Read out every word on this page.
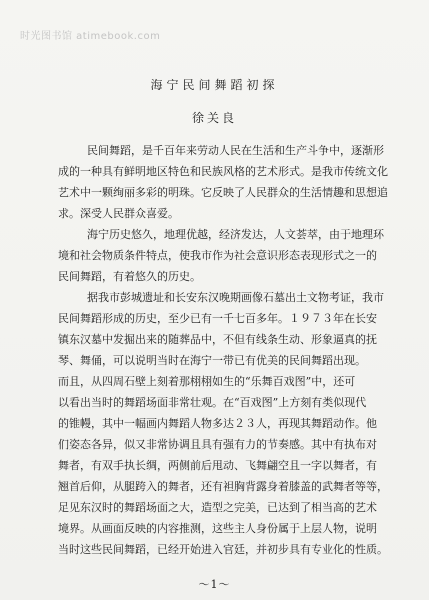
时光图书馆 atimebook.com
海宁民间舞蹈初探
徐关良
民间舞蹈，是千百年来劳动人民在生活和生产斗争中，逐渐形
成的一种具有鲜明地区特色和民族风格的艺术形式。是我市传统文化
艺术中一颗绚丽多彩的明珠。它反映了人民群众的生活情趣和思想追
求。深受人民群众喜爱。
海宁历史悠久，地理优越，经济发达，人文荟萃，由于地理环
境和社会物质条件特点，使我市作为社会意识形态表现形式之一的
民间舞蹈，有着悠久的历史。
据我市彭城遗址和长安东汉晚期画像石墓出土文物考证，我市
民间舞蹈形成的历史，至少已有一千七百多年。１９７３年在长安
镇东汉墓中发掘出来的随葬品中，不但有线条生动、形象逼真的抚
琴、舞俑，可以说明当时在海宁一带已有优美的民间舞蹈出现。
而且，从四周石壁上刻着那栩栩如生的“乐舞百戏图”中，还可
以看出当时的舞蹈场面非常壮观。在“百戏图”上方刻有类似现代
的锥幔，其中一幅画内舞蹈人物多达２３人，再现其舞蹈动作。他
们姿态各异，似又非常协调且具有强有力的节奏感。其中有执布对
舞者，有双手执长绸，两侧前后甩动、飞舞翩空且一字以舞者，有
翘首后仰，从腿跨入的舞者，还有袒胸背露身着膝盖的武舞者等等，
足见东汉时的舞蹈场面之大，造型之完美，已达到了相当高的艺术
境界。从画面反映的内容推测，这些主人身份属于上层人物，说明
当时这些民间舞蹈，已经开始进入官廷，并初步具有专业化的性质。
～1～
